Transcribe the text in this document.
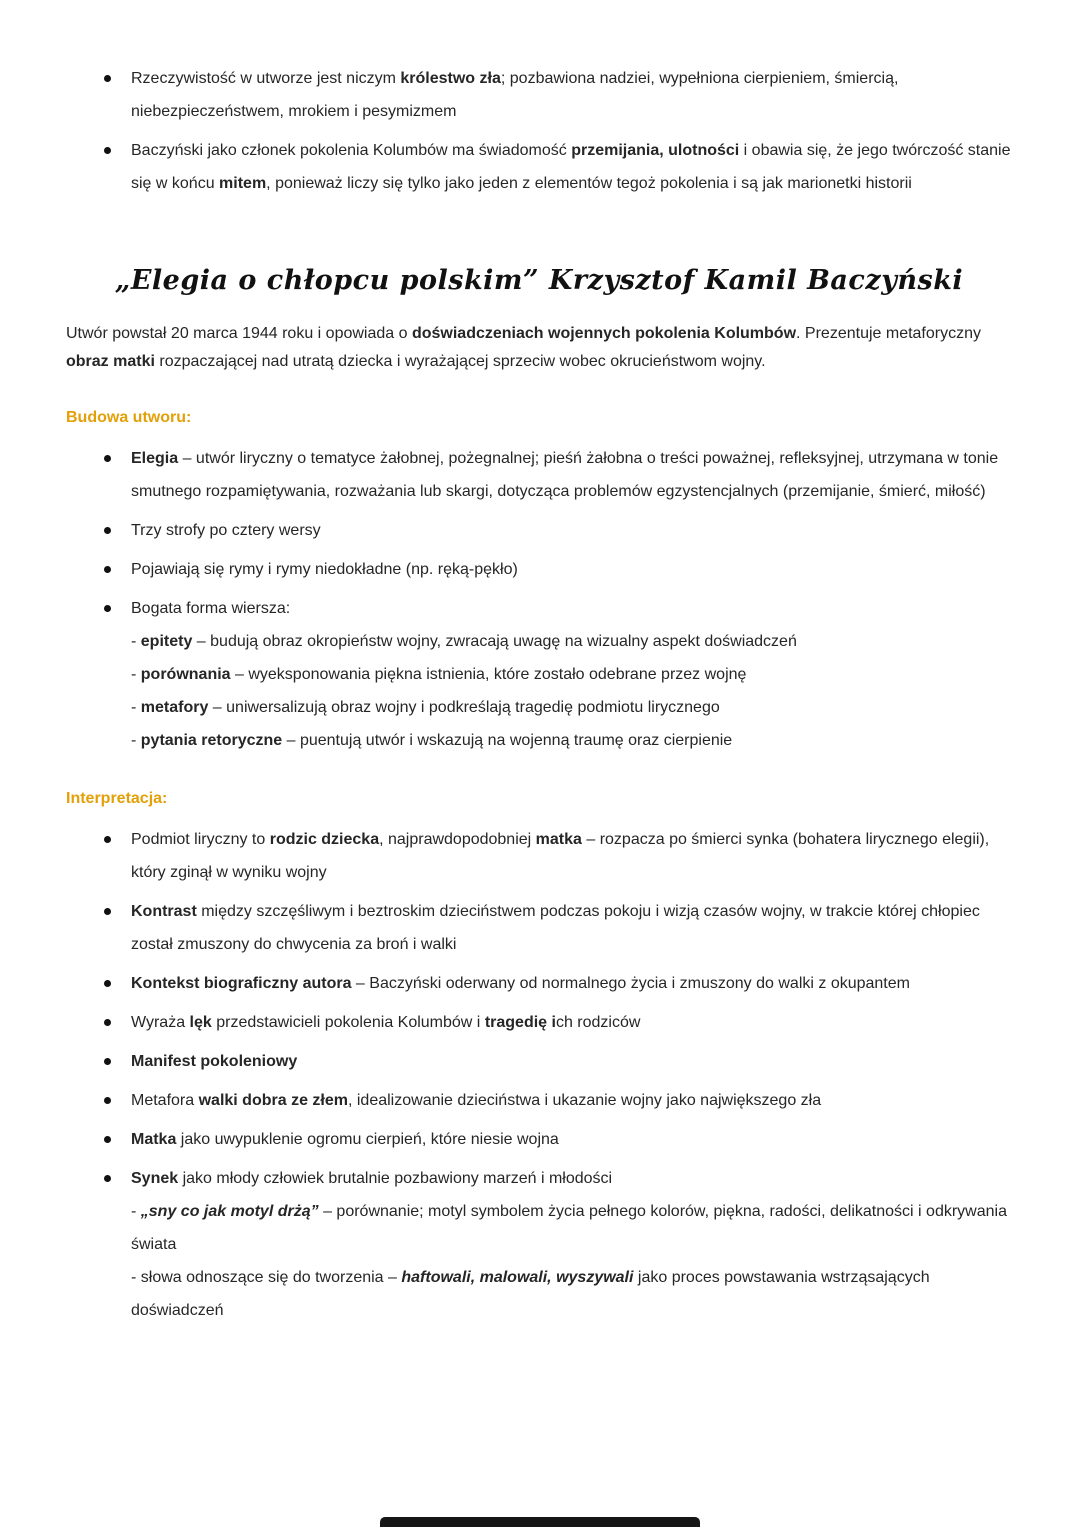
Rzeczywistość w utworze jest niczym królestwo zła; pozbawiona nadziei, wypełniona cierpieniem, śmiercią, niebezpieczeństwem, mrokiem i pesymizmem
Baczyński jako członek pokolenia Kolumbów ma świadomość przemijania, ulotności i obawia się, że jego twórczość stanie się w końcu mitem, ponieważ liczy się tylko jako jeden z elementów tegoż pokolenia i są jak marionetki historii
„Elegia o chłopcu polskim” Krzysztof Kamil Baczyński

Utwór powstał 20 marca 1944 roku i opowiada o doświadczeniach wojennych pokolenia Kolumbów. Prezentuje metaforyczny obraz matki rozpaczającej nad utratą dziecka i wyrażającej sprzeciw wobec okrucieństwom wojny.

Budowa utworu:
Elegia – utwór liryczny o tematyce żałobnej, pożegnalnej; pieśń żałobna o treści poważnej, refleksyjnej, utrzymana w tonie smutnego rozpamiętywania, rozważania lub skargi, dotycząca problemów egzystencjalnych (przemijanie, śmierć, miłość)
Trzy strofy po cztery wersy
Pojawiają się rymy i rymy niedokładne (np. ręką-pękło)
Bogata forma wiersza:
- epitety – budują obraz okropieństw wojny, zwracają uwagę na wizualny aspekt doświadczeń
- porównania – wyeksponowania piękna istnienia, które zostało odebrane przez wojnę
- metafory – uniwersalizują obraz wojny i podkreślają tragedię podmiotu lirycznego
- pytania retoryczne – puentują utwór i wskazują na wojenną traumę oraz cierpienie
Interpretacja:
Podmiot liryczny to rodzic dziecka, najprawdopodobniej matka – rozpacza po śmierci synka (bohatera lirycznego elegii), który zginął w wyniku wojny
Kontrast między szczęśliwym i beztroskim dzieciństwem podczas pokoju i wizją czasów wojny, w trakcie której chłopiec został zmuszony do chwycenia za broń i walki
Kontekst biograficzny autora – Baczyński oderwany od normalnego życia i zmuszony do walki z okupantem
Wyraża lęk przedstawicieli pokolenia Kolumbów i tragedię ich rodziców
Manifest pokoleniowy
Metafora walki dobra ze złem, idealizowanie dzieciństwa i ukazanie wojny jako największego zła
Matka jako uwypuklenie ogromu cierpień, które niesie wojna
Synek jako młody człowiek brutalnie pozbawiony marzeń i młodości
- „sny co jak motyl drżą” – porównanie; motyl symbolem życia pełnego kolorów, piękna, radości, delikatności i odkrywania świata
- słowa odnoszące się do tworzenia – haftowali, malowali, wyszywali jako proces powstawania wstrząsających doświadczeń
